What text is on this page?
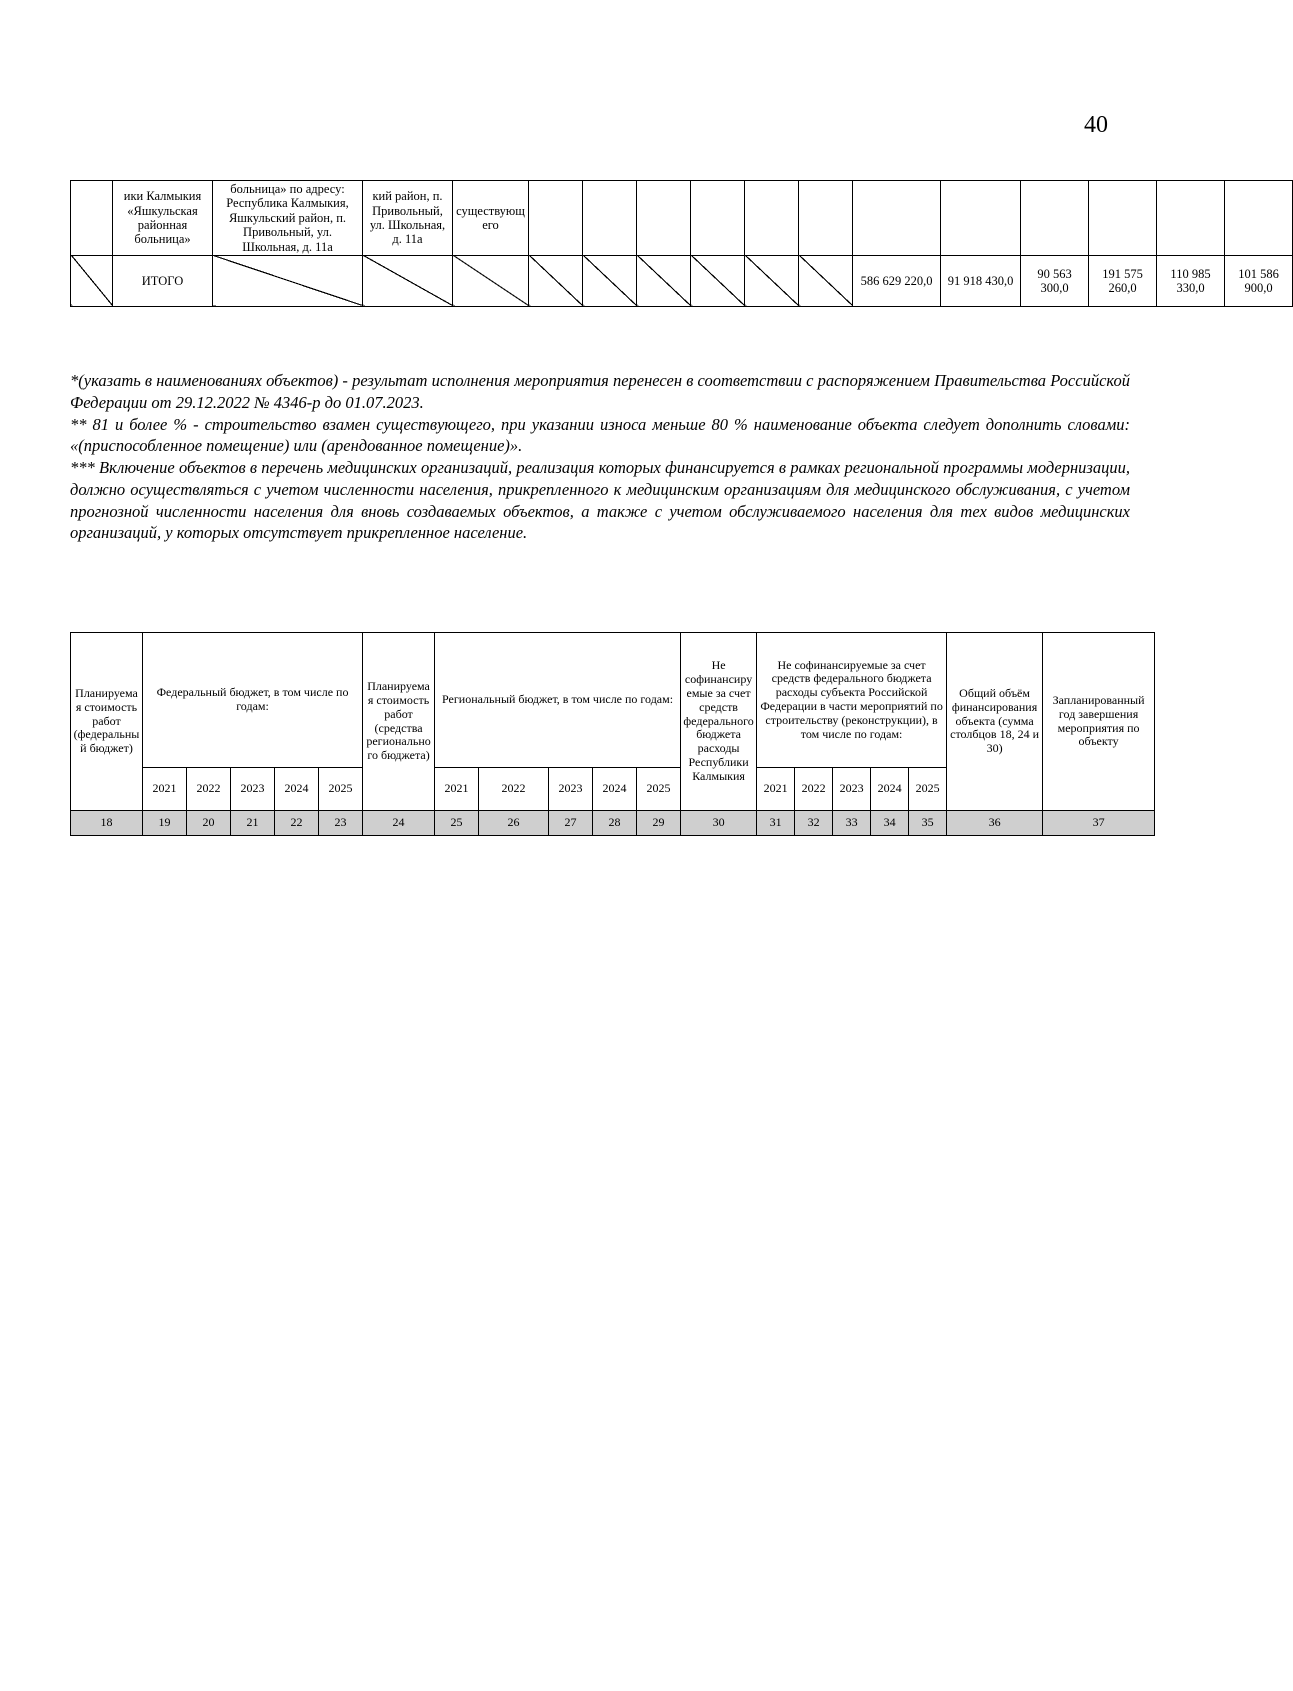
40
	ики Калмыкия «Яшкульская районная больница»	больница» по адресу: Республика Калмыкия, Яшкульский район, п. Привольный, ул. Школьная, д. 11а	кий район, п. Привольный, ул. Школьная, д. 11а	существующего												
	ИТОГО										586 629 220,0	91 918 430,0	90 563 300,0	191 575 260,0	110 985 330,0	101 586 900,0

*(указать в наименованиях объектов) - результат исполнения мероприятия перенесен в соответствии с распоряжением Правительства Российской Федерации от 29.12.2022 № 4346-р до 01.07.2023.

** 81 и более % - строительство взамен существующего, при указании износа меньше 80 % наименование объекта следует дополнить словами: «(приспособленное помещение) или (арендованное помещение)».

*** Включение объектов в перечень медицинских организаций, реализация которых финансируется в рамках региональной программы модернизации, должно осуществляться с учетом численности населения, прикрепленного к медицинским организациям для медицинского обслуживания, с учетом прогнозной численности населения для вновь создаваемых объектов, а также с учетом обслуживаемого населения для тех видов медицинских организаций, у которых отсутствует прикрепленное население.

Планируемая стоимость работ (федеральный бюджет)	Федеральный бюджет, в том числе по годам:					Планируемая стоимость работ (средства регионального бюджета)	Региональный бюджет, в том числе по годам:					Не софинансируемые за счет средств федерального бюджета расходы Республики Калмыкия	Не софинансируемые за счет средств федерального бюджета расходы субъекта Российской Федерации в части мероприятий по строительству (реконструкции), в том числе по годам:					Общий объём финансирования объекта (сумма столбцов 18, 24 и 30)	Запланированный год завершения мероприятия по объекту
	2021	2022	2023	2024	2025		2021	2022	2023	2024	2025		2021	2022	2023	2024	2025		
18	19	20	21	22	23	24	25	26	27	28	29	30	31	32	33	34	35	36	37
